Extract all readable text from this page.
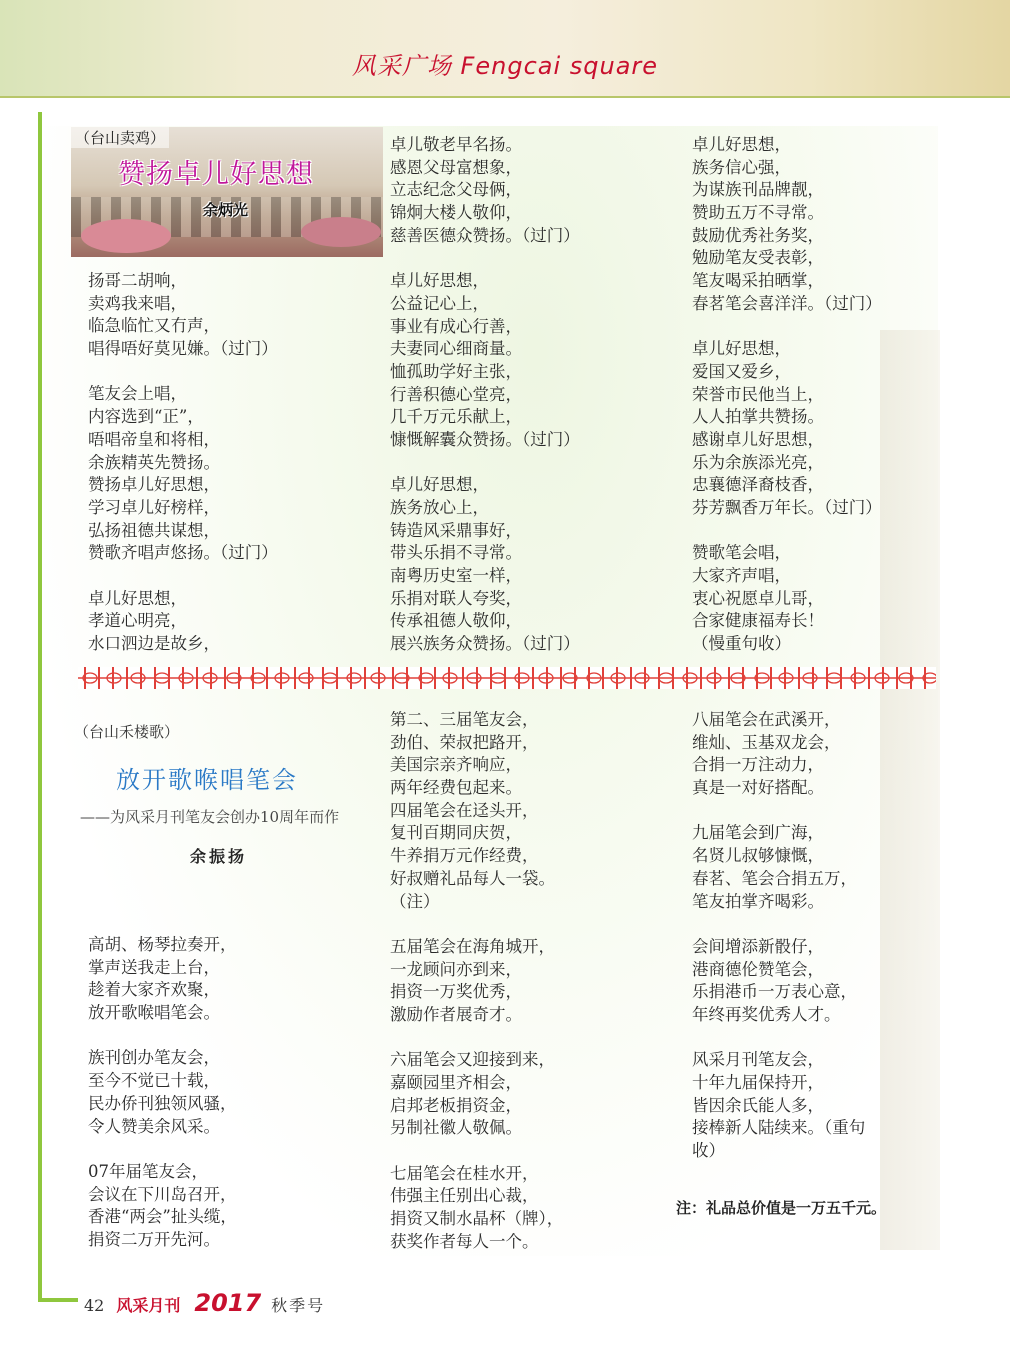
风采广场 Fengcai square
（台山卖鸡）
赞扬卓儿好思想
余炳光
扬哥二胡响，
卖鸡我来唱，
临急临忙又冇声，
唱得唔好莫见嫌。（过门）
笔友会上唱，
内容选到“正”，
唔唱帝皇和将相，
余族精英先赞扬。
赞扬卓儿好思想，
学习卓儿好榜样，
弘扬祖德共谋想，
赞歌齐唱声悠扬。（过门）
卓儿好思想，
孝道心明亮，
水口泗边是故乡，
卓儿敬老早名扬。
感恩父母富想象，
立志纪念父母俩，
锦炯大楼人敬仰，
慈善医德众赞扬。（过门）
卓儿好思想，
公益记心上，
事业有成心行善，
夫妻同心细商量。
恤孤助学好主张，
行善积德心堂亮，
几千万元乐献上，
慷慨解囊众赞扬。（过门）
卓儿好思想，
族务放心上，
铸造风采鼎事好，
带头乐捐不寻常。
南粤历史室一样，
乐捐对联人夸奖，
传承祖德人敬仰，
展兴族务众赞扬。（过门）
卓儿好思想，
族务信心强，
为谋族刊品牌靓，
赞助五万不寻常。
鼓励优秀社务奖，
勉励笔友受表彰，
笔友喝采拍晒掌，
春茗笔会喜洋洋。（过门）
卓儿好思想，
爱国又爱乡，
荣誉市民他当上，
人人拍掌共赞扬。
感谢卓儿好思想，
乐为余族添光亮，
忠襄德泽裔枝香，
芬芳飘香万年长。（过门）
赞歌笔会唱，
大家齐声唱，
衷心祝愿卓儿哥，
合家健康福寿长！
（慢重句收）
（台山禾楼歌）
放开歌喉唱笔会
——为风采月刊笔友会创办10周年而作
余振扬
高胡、杨琴拉奏开，
掌声送我走上台，
趁着大家齐欢聚，
放开歌喉唱笔会。
族刊创办笔友会，
至今不觉已十载，
民办侨刊独领风骚，
令人赞美余风采。
07年届笔友会，
会议在下川岛召开，
香港“两会”扯头缆，
捐资二万开先河。
第二、三届笔友会，
劲伯、荣叔把路开，
美国宗亲齐响应，
两年经费包起来。
四届笔会在迳头开，
复刊百期同庆贺，
牛养捐万元作经费，
好叔赠礼品每人一袋。
（注）
五届笔会在海角城开，
一龙顾问亦到来，
捐资一万奖优秀，
激励作者展奇才。
六届笔会又迎接到来，
嘉颐园里齐相会，
启邦老板捐资金，
另制社徽人敬佩。
七届笔会在桂水开，
伟强主任别出心裁，
捐资又制水晶杯（牌），
获奖作者每人一个。
八届笔会在武溪开，
维灿、玉基双龙会，
合捐一万注动力，
真是一对好搭配。
九届笔会到广海，
名贤儿叔够慷慨，
春茗、笔会合捐五万，
笔友拍掌齐喝彩。
会间增添新骰仔，
港商德伦赞笔会，
乐捐港币一万表心意，
年终再奖优秀人才。
风采月刊笔友会，
十年九届保持开，
皆因余氏能人多，
接棒新人陆续来。（重句
收）
注：礼品总价值是一万五千元。
42 风采月刊 2017 秋季号
